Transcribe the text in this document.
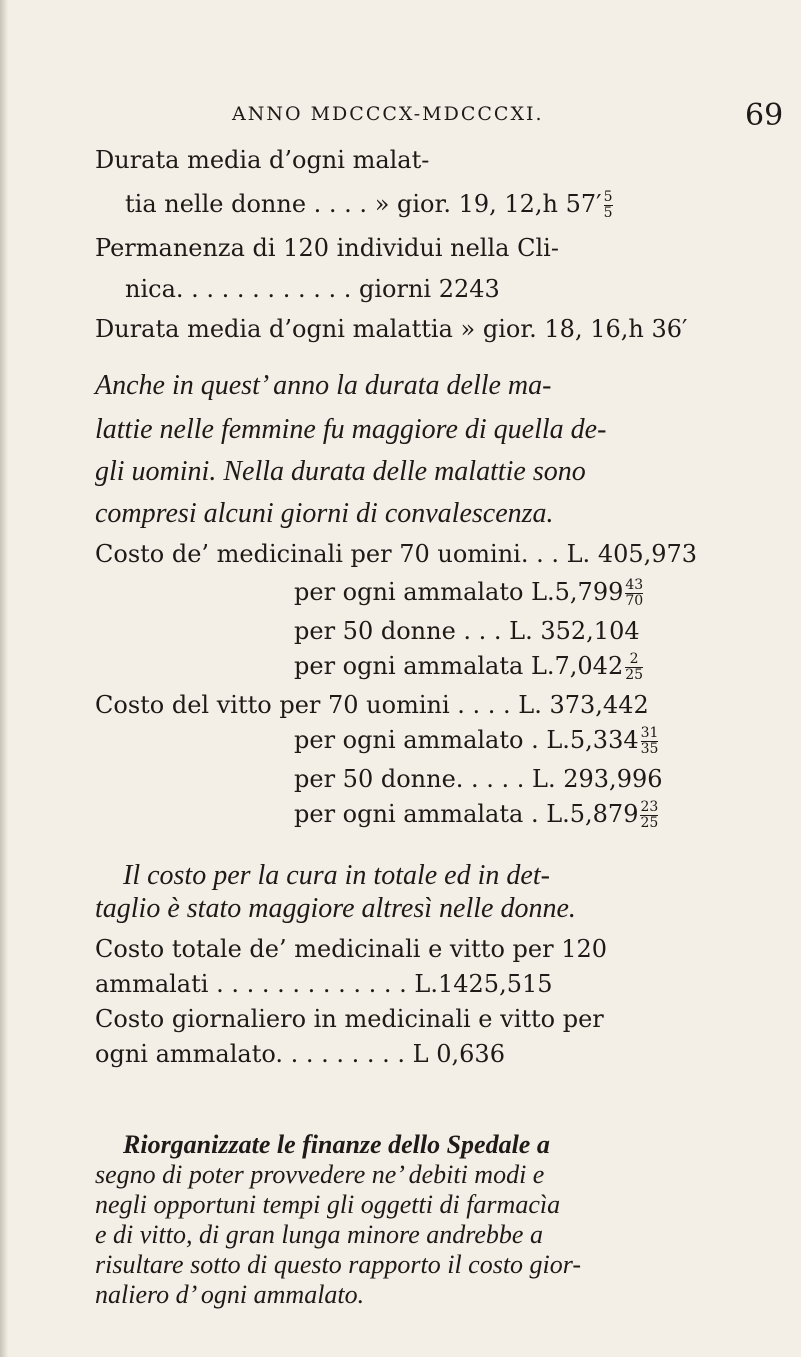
ANNO MDCCCX-MDCCCXI.	69
Durata media d’ogni malat-
tia nelle donne . . . . » gior. 19, 12,h $57' \frac{5}{5}$
Permanenza di 120 individui nella Cli-
nica. . . . . . . . . . . . giorni 2243
Durata media d’ogni malattia » gior. 18, 16,h 36′
Anche in quest’ anno la durata delle ma-
lattie nelle femmine fu maggiore di quella de-
gli uomini. Nella durata delle malattie sono
compresi alcuni giorni di convalescenza.
Costo de’ medicinali per 70 uomini. . . L. 405,973
per ogni ammalato $L.5,799 \frac{43}{70}$
per 50 donne . . . L. 352,104
per ogni ammalata $L.7,042 \frac{2}{25}$
Costo del vitto per 70 uomini . . . . L. 373,442
per ogni ammalato . $L.5,334 \frac{31}{35}$
per 50 donne. . . . . L. 293,996
per ogni ammalata . $L.5,879 \frac{23}{25}$
Il costo per la cura in totale ed in det-
taglio è stato maggiore altresì nelle donne.
Costo totale de’ medicinali e vitto per 120
ammalati . . . . . . . . . . . . . L.1425,515
Costo giornaliero in medicinali e vitto per
ogni ammalato. . . . . . . . . L 0,636
Riorganizzate le finanze dello Spedale a
segno di poter provvedere ne’ debiti modi e
negli opportuni tempi gli oggetti di farmacìa
e di vitto, di gran lunga minore andrebbe a
risultare sotto di questo rapporto il costo gior-
naliero d’ ogni ammalato.
